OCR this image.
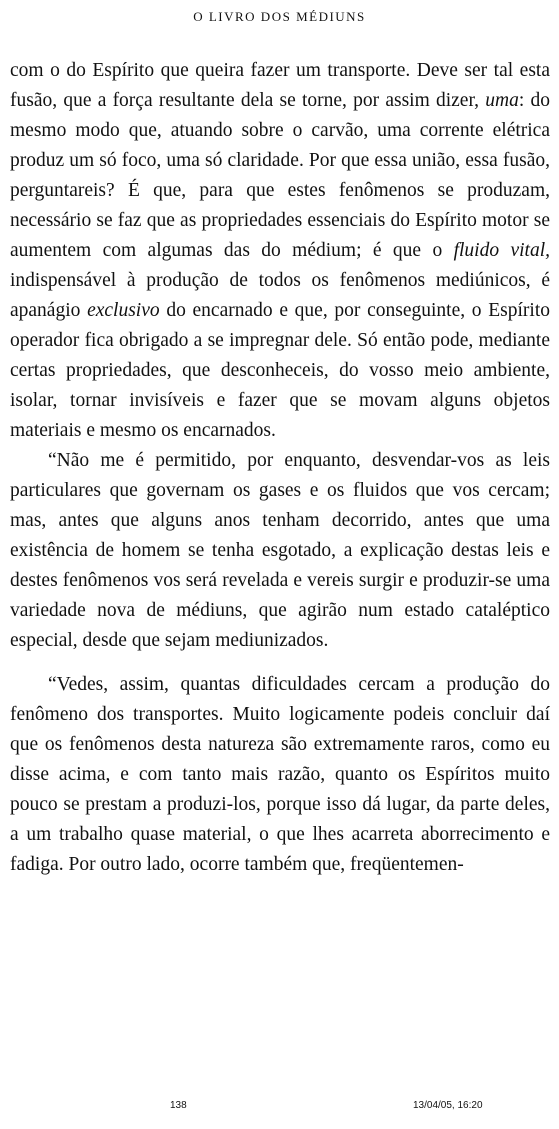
O LIVRO DOS MÉDIUNS

com o do Espírito que queira fazer um transporte. Deve ser tal esta fusão, que a força resultante dela se torne, por assim dizer, uma: do mesmo modo que, atuando sobre o carvão, uma corrente elétrica produz um só foco, uma só claridade. Por que essa união, essa fusão, perguntareis? É que, para que estes fenômenos se produzam, necessário se faz que as propriedades essenciais do Espírito motor se aumentem com algumas das do médium; é que o fluido vital, indispensável à produção de todos os fenômenos mediúnicos, é apanágio exclusivo do encarnado e que, por conseguinte, o Espírito operador fica obrigado a se impregnar dele. Só então pode, mediante certas propriedades, que desconheceis, do vosso meio ambiente, isolar, tornar invisíveis e fazer que se movam alguns objetos materiais e mesmo os encarnados.

“Não me é permitido, por enquanto, desvendar-vos as leis particulares que governam os gases e os fluidos que vos cercam; mas, antes que alguns anos tenham decorrido, antes que uma existência de homem se tenha esgotado, a explicação destas leis e destes fenômenos vos será revelada e vereis surgir e produzir-se uma variedade nova de médiuns, que agirão num estado cataléptico especial, desde que sejam mediunizados.

“Vedes, assim, quantas dificuldades cercam a produção do fenômeno dos transportes. Muito logicamente podeis concluir daí que os fenômenos desta natureza são extremamente raros, como eu disse acima, e com tanto mais razão, quanto os Espíritos muito pouco se prestam a produzi-los, porque isso dá lugar, da parte deles, a um trabalho quase material, o que lhes acarreta aborrecimento e fadiga. Por outro lado, ocorre também que, freqüentemen-

138	13/04/05, 16:20
